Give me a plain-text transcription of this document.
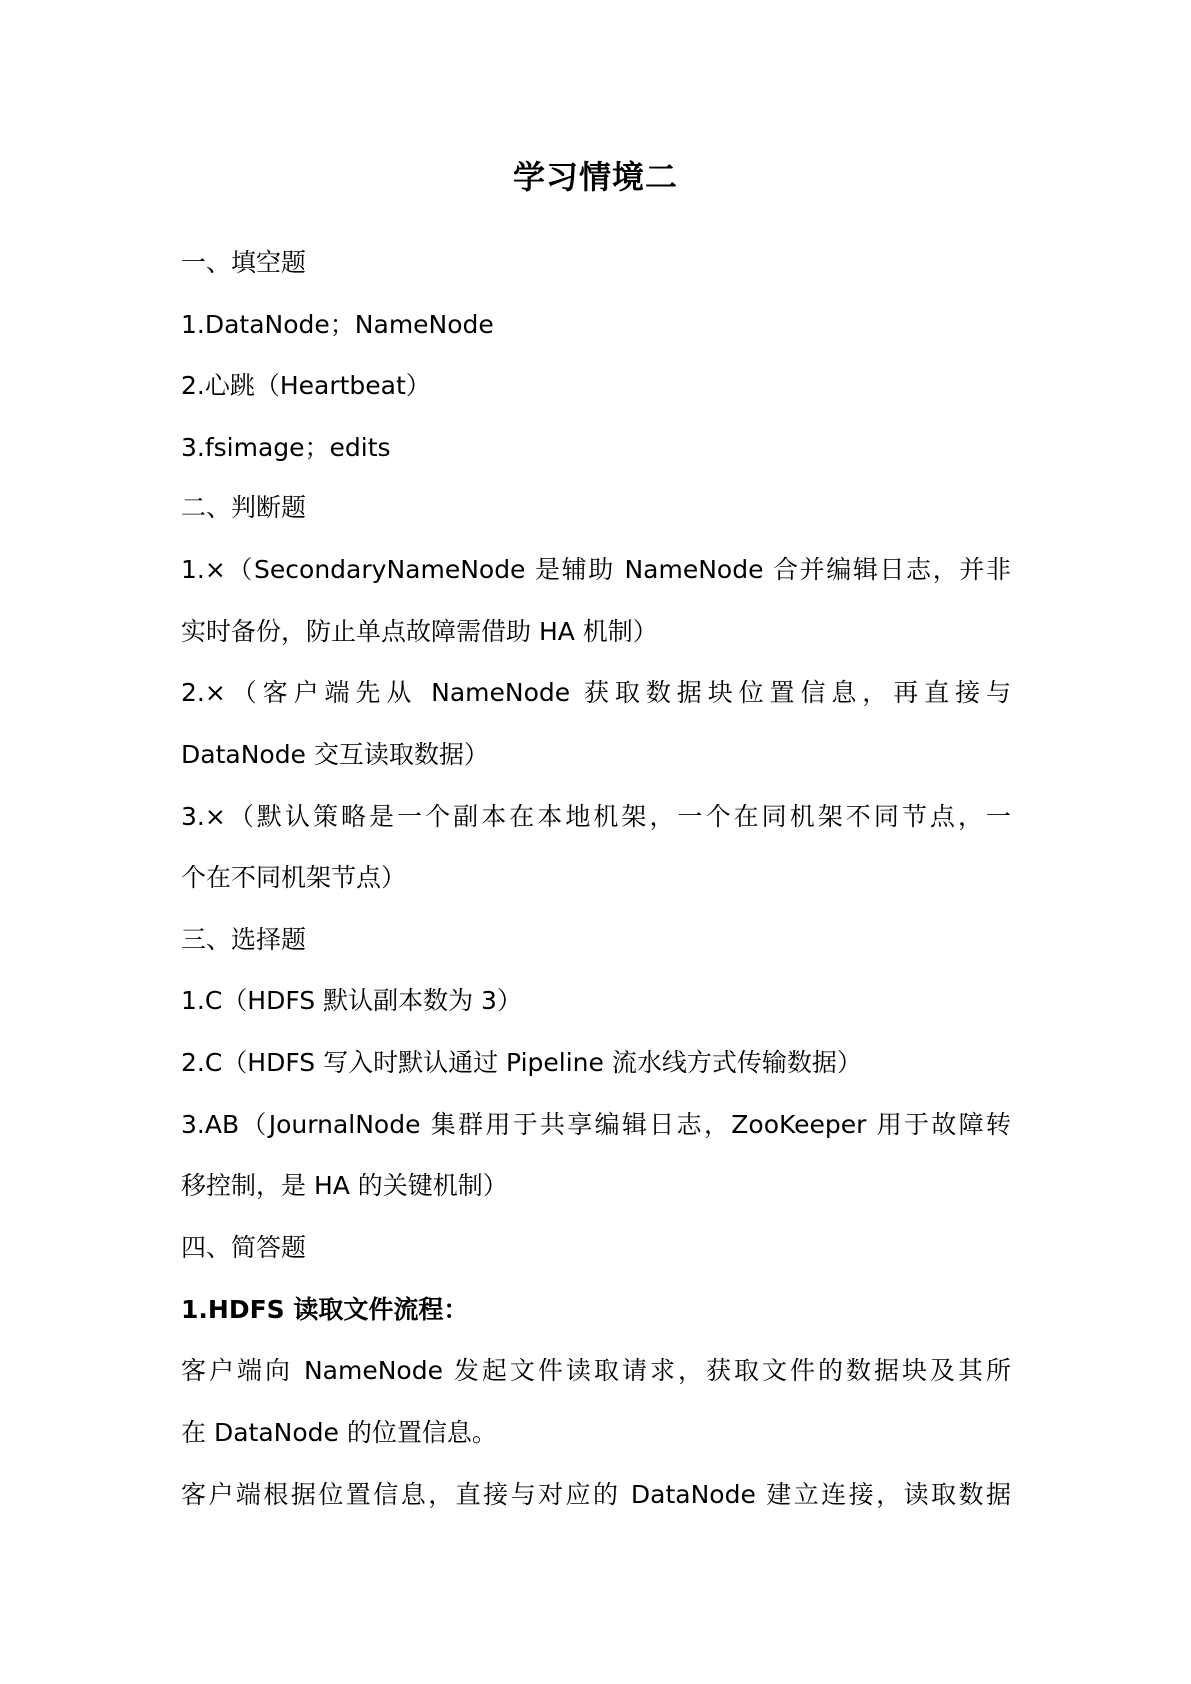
学习情境二
一、填空题
1.DataNode；NameNode
2.心跳（Heartbeat）
3.fsimage；edits
二、判断题
1.×（SecondaryNameNode 是辅助 NameNode 合并编辑日志，并非
实时备份，防止单点故障需借助 HA 机制）
2.×（客户端先从 NameNode 获取数据块位置信息，再直接与
DataNode 交互读取数据）
3.×（默认策略是一个副本在本地机架，一个在同机架不同节点，一
个在不同机架节点）
三、选择题
1.C（HDFS 默认副本数为 3）
2.C（HDFS 写入时默认通过 Pipeline 流水线方式传输数据）
3.AB（JournalNode 集群用于共享编辑日志，ZooKeeper 用于故障转
移控制，是 HA 的关键机制）
四、简答题
1.HDFS 读取文件流程：
客户端向 NameNode 发起文件读取请求，获取文件的数据块及其所
在 DataNode 的位置信息。
客户端根据位置信息，直接与对应的 DataNode 建立连接，读取数据
